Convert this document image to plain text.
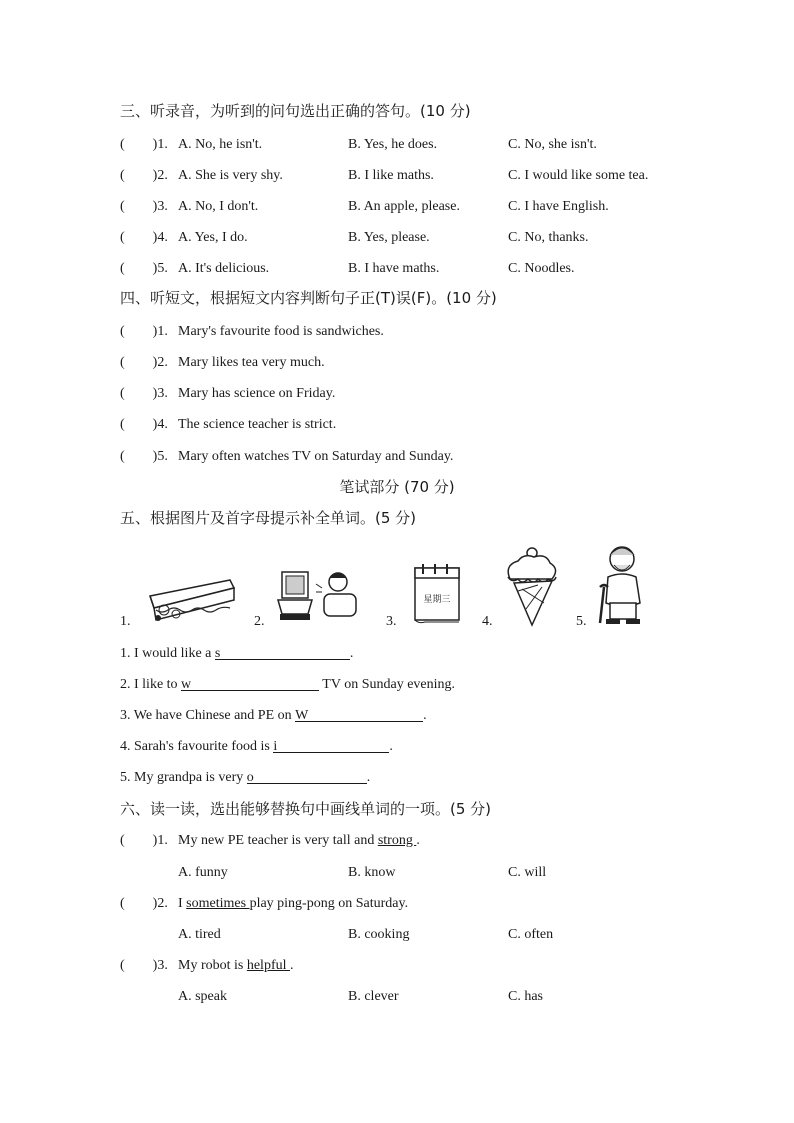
三、听录音，为听到的问句选出正确的答句。(10 分)
(　　)1. A. No, he isn't.	B. Yes, he does.	C. No, she isn't.
(　　)2. A. She is very shy.	B. I like maths.	C. I would like some tea.
(　　)3. A. No, I don't.	B. An apple, please.	C. I have English.
(　　)4. A. Yes, I do.	B. Yes, please.	C. No, thanks.
(　　)5. A. It's delicious.	B. I have maths.	C. Noodles.
四、听短文，根据短文内容判断句子正(T)误(F)。(10 分)
(　　)1. Mary's favourite food is sandwiches.
(　　)2. Mary likes tea very much.
(　　)3. Mary has science on Friday.
(　　)4. The science teacher is strict.
(　　)5. Mary often watches TV on Saturday and Sunday.
笔试部分 (70 分)
五、根据图片及首字母提示补全单词。(5 分)
1.	2.	3.
星期三
4.	5.
1. I would like a s	.
2. I like to w	TV on Sunday evening.
3. We have Chinese and PE on W	.
4. Sarah's favourite food is i	.
5. My grandpa is very o	.
六、读一读，选出能够替换句中画线单词的一项。(5 分)
(　　)1. My new PE teacher is very tall and strong .
A. funny	B. know	C. will
(　　)2. I sometimes play ping-pong on Saturday.
A. tired	B. cooking	C. often
(　　)3. My robot is helpful .
A. speak	B. clever	C. has
